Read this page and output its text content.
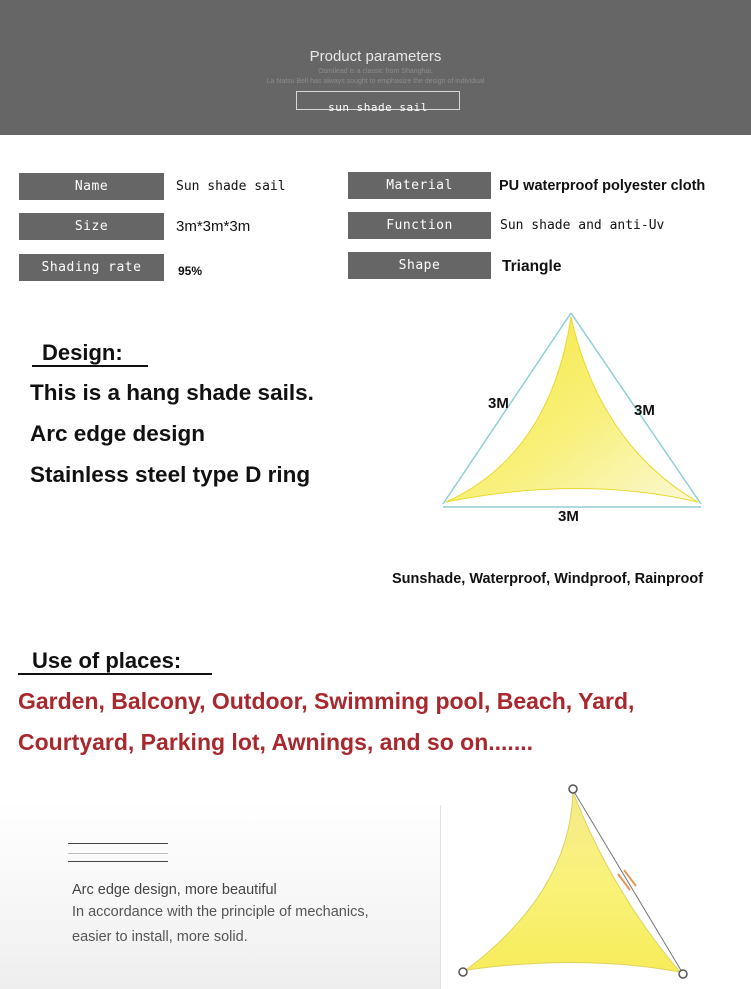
Product parameters
Osmilead is a classic from Shanghai,
La Natsu Bell has always sought to emphasize the design of individual
sun shade sail
Name	Sun shade sail
Size	3m*3m*3m
Shading rate	95%
Material	PU waterproof polyester cloth
Function	Sun shade and anti-Uv
Shape	Triangle
Design:
This is a hang shade sails.
Arc edge design
Stainless steel type D ring
3M	3M
3M
Sunshade, Waterproof, Windproof, Rainproof
Use of places:
Garden, Balcony, Outdoor, Swimming pool, Beach, Yard,
Courtyard, Parking lot, Awnings, and so on.......
Arc edge design, more beautiful
In accordance with the principle of mechanics,
easier to install, more solid.
